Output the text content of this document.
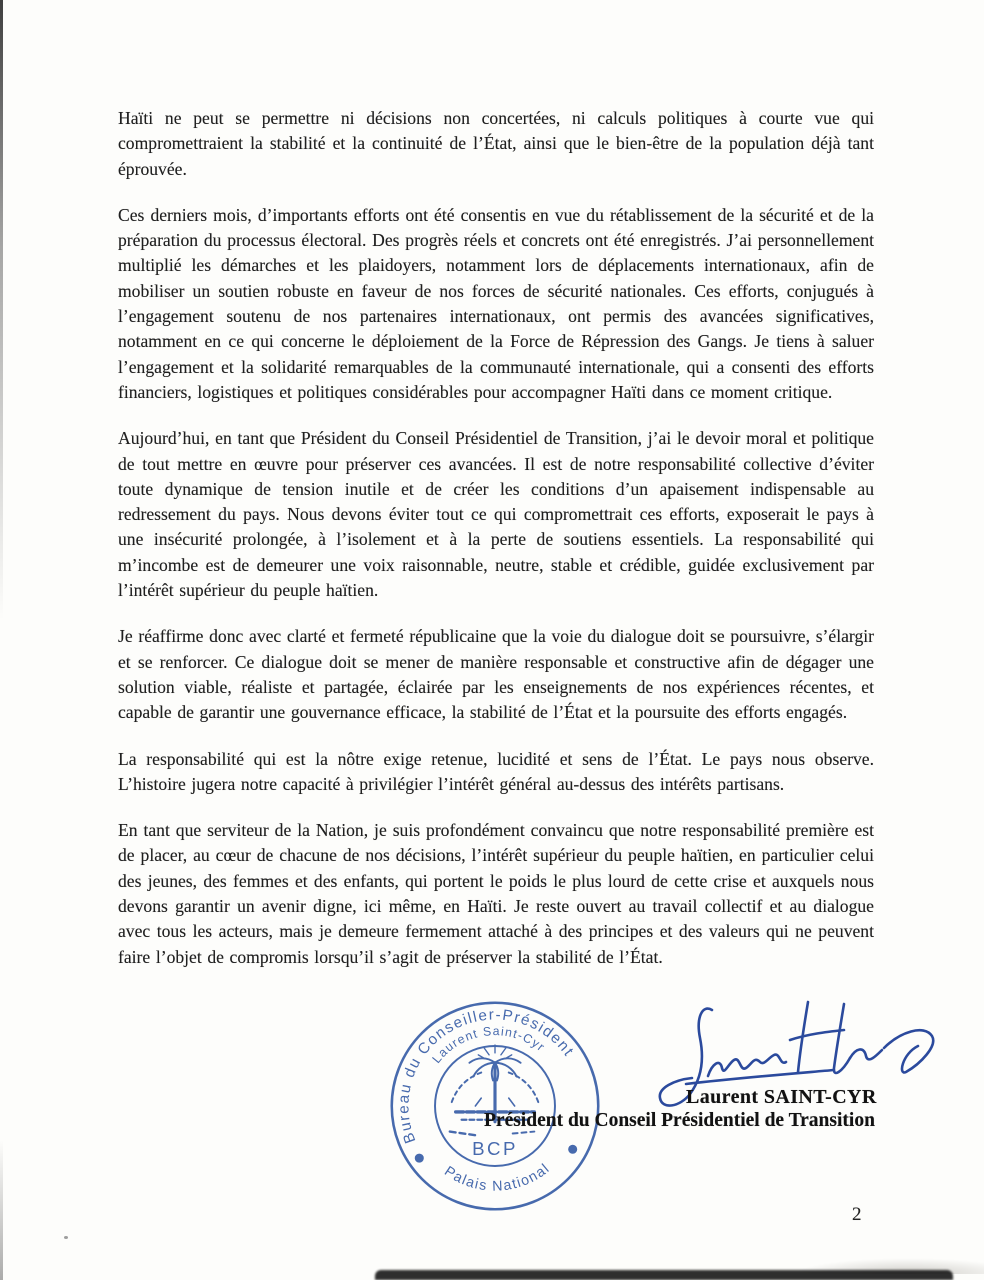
Haïti ne peut se permettre ni décisions non concertées, ni calculs politiques à courte vue qui compromettraient la stabilité et la continuité de l’État, ainsi que le bien-être de la population déjà tant éprouvée.

Ces derniers mois, d’importants efforts ont été consentis en vue du rétablissement de la sécurité et de la préparation du processus électoral. Des progrès réels et concrets ont été enregistrés. J’ai personnellement multiplié les démarches et les plaidoyers, notamment lors de déplacements internationaux, afin de mobiliser un soutien robuste en faveur de nos forces de sécurité nationales. Ces efforts, conjugués à l’engagement soutenu de nos partenaires internationaux, ont permis des avancées significatives, notamment en ce qui concerne le déploiement de la Force de Répression des Gangs. Je tiens à saluer l’engagement et la solidarité remarquables de la communauté internationale, qui a consenti des efforts financiers, logistiques et politiques considérables pour accompagner Haïti dans ce moment critique.

Aujourd’hui, en tant que Président du Conseil Présidentiel de Transition, j’ai le devoir moral et politique de tout mettre en œuvre pour préserver ces avancées. Il est de notre responsabilité collective d’éviter toute dynamique de tension inutile et de créer les conditions d’un apaisement indispensable au redressement du pays. Nous devons éviter tout ce qui compromettrait ces efforts, exposerait le pays à une insécurité prolongée, à l’isolement et à la perte de soutiens essentiels. La responsabilité qui m’incombe est de demeurer une voix raisonnable, neutre, stable et crédible, guidée exclusivement par l’intérêt supérieur du peuple haïtien.

Je réaffirme donc avec clarté et fermeté républicaine que la voie du dialogue doit se poursuivre, s’élargir et se renforcer. Ce dialogue doit se mener de manière responsable et constructive afin de dégager une solution viable, réaliste et partagée, éclairée par les enseignements de nos expériences récentes, et capable de garantir une gouvernance efficace, la stabilité de l’État et la poursuite des efforts engagés.

La responsabilité qui est la nôtre exige retenue, lucidité et sens de l’État. Le pays nous observe. L’histoire jugera notre capacité à privilégier l’intérêt général au-dessus des intérêts partisans.

En tant que serviteur de la Nation, je suis profondément convaincu que notre responsabilité première est de placer, au cœur de chacune de nos décisions, l’intérêt supérieur du peuple haïtien, en particulier celui des jeunes, des femmes et des enfants, qui portent le poids le plus lourd de cette crise et auxquels nous devons garantir un avenir digne, ici même, en Haïti. Je reste ouvert au travail collectif et au dialogue avec tous les acteurs, mais je demeure fermement attaché à des principes et des valeurs qui ne peuvent faire l’objet de compromis lorsqu’il s’agit de préserver la stabilité de l’État.

Bureau du Conseiller-Président
Laurent Saint-Cyr
Palais National
BCP
Laurent SAINT-CYR
Président du Conseil Présidentiel de Transition
2
